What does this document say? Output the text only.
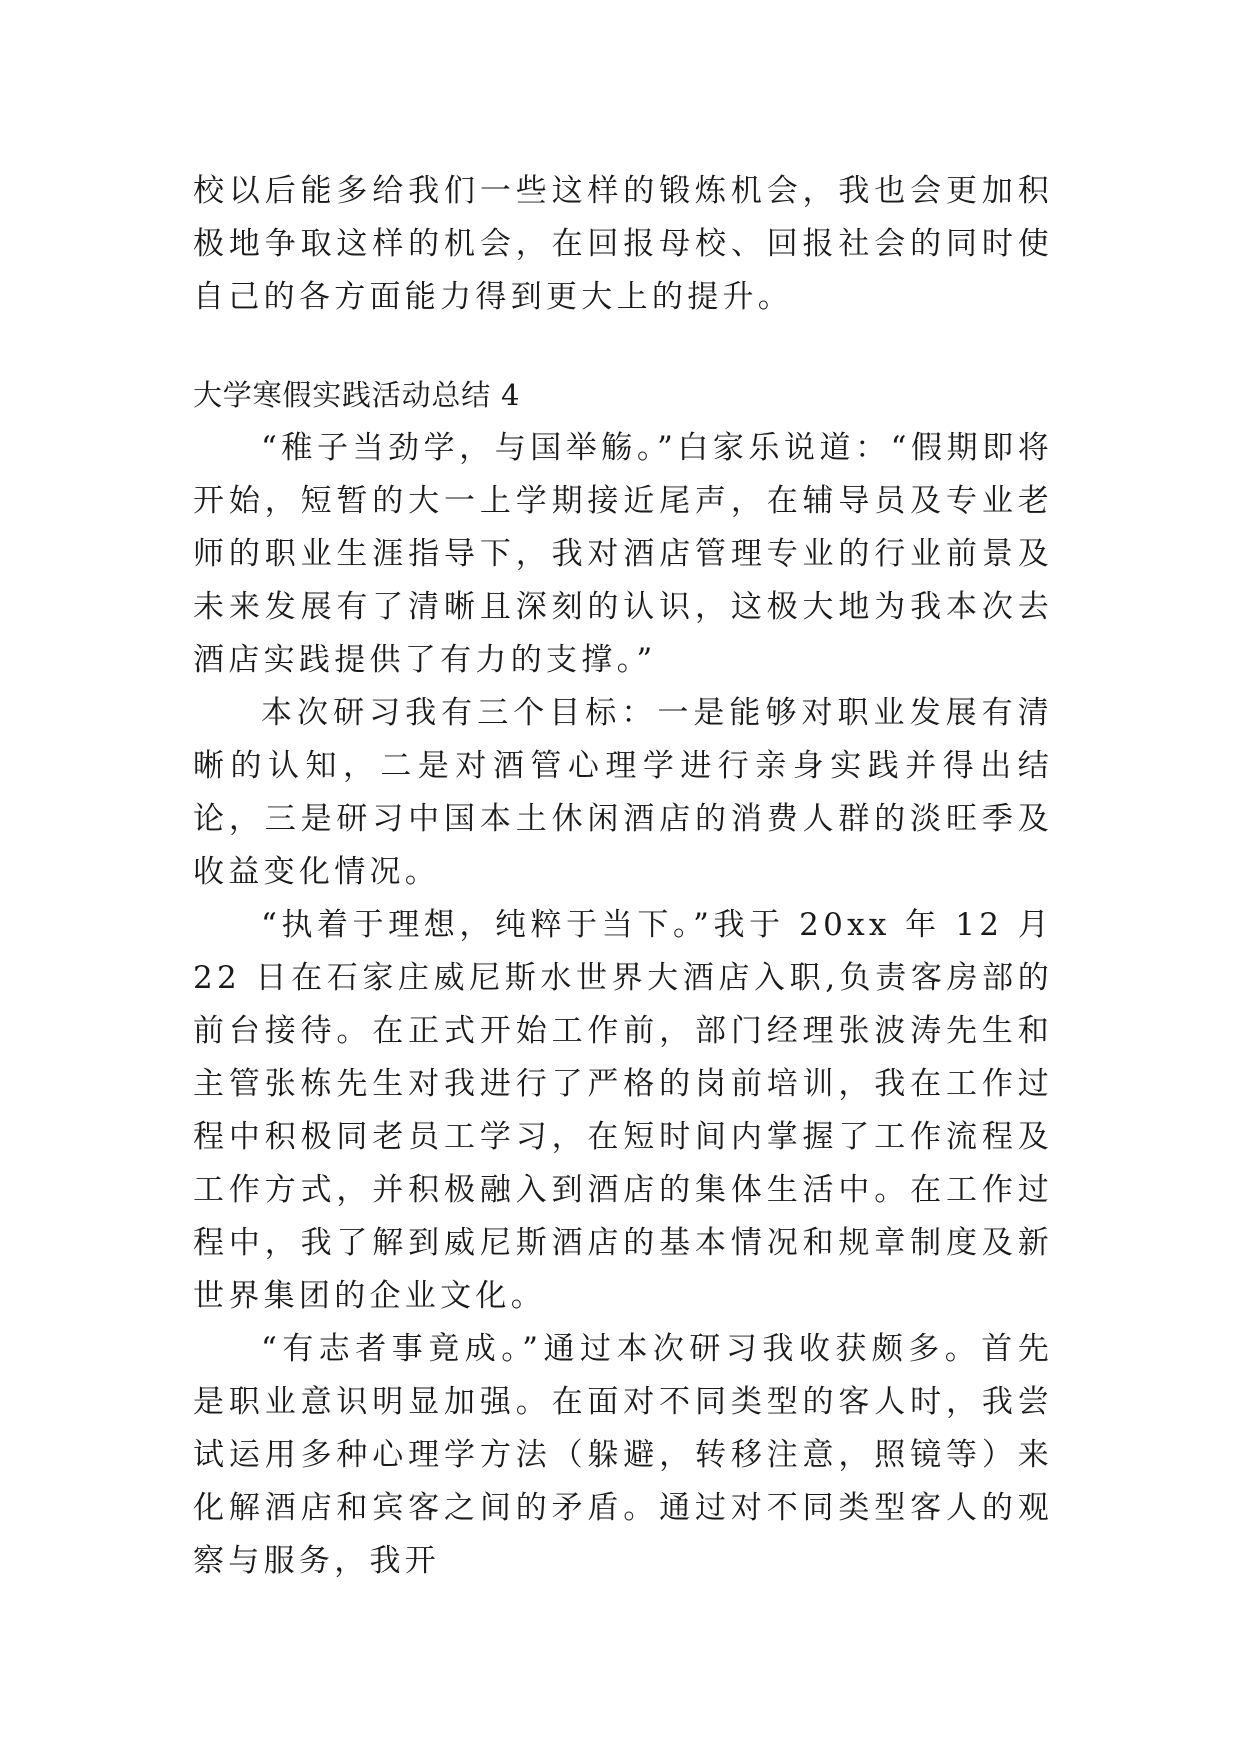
校以后能多给我们一些这样的锻炼机会，我也会更加积极地争取这样的机会，在回报母校、回报社会的同时使自己的各方面能力得到更大上的提升。

大学寒假实践活动总结 4

“稚子当劲学，与国举觞。”白家乐说道：“假期即将开始，短暂的大一上学期接近尾声，在辅导员及专业老师的职业生涯指导下，我对酒店管理专业的行业前景及未来发展有了清晰且深刻的认识，这极大地为我本次去酒店实践提供了有力的支撑。”

本次研习我有三个目标：一是能够对职业发展有清晰的认知，二是对酒管心理学进行亲身实践并得出结论，三是研习中国本土休闲酒店的消费人群的淡旺季及收益变化情况。

“执着于理想，纯粹于当下。”我于 20xx 年 12 月 22 日在石家庄威尼斯水世界大酒店入职,负责客房部的前台接待。在正式开始工作前，部门经理张波涛先生和主管张栋先生对我进行了严格的岗前培训，我在工作过程中积极同老员工学习，在短时间内掌握了工作流程及工作方式，并积极融入到酒店的集体生活中。在工作过程中，我了解到威尼斯酒店的基本情况和规章制度及新世界集团的企业文化。

“有志者事竟成。”通过本次研习我收获颇多。首先是职业意识明显加强。在面对不同类型的客人时，我尝试运用多种心理学方法（躲避，转移注意，照镜等）来化解酒店和宾客之间的矛盾。通过对不同类型客人的观察与服务，我开
